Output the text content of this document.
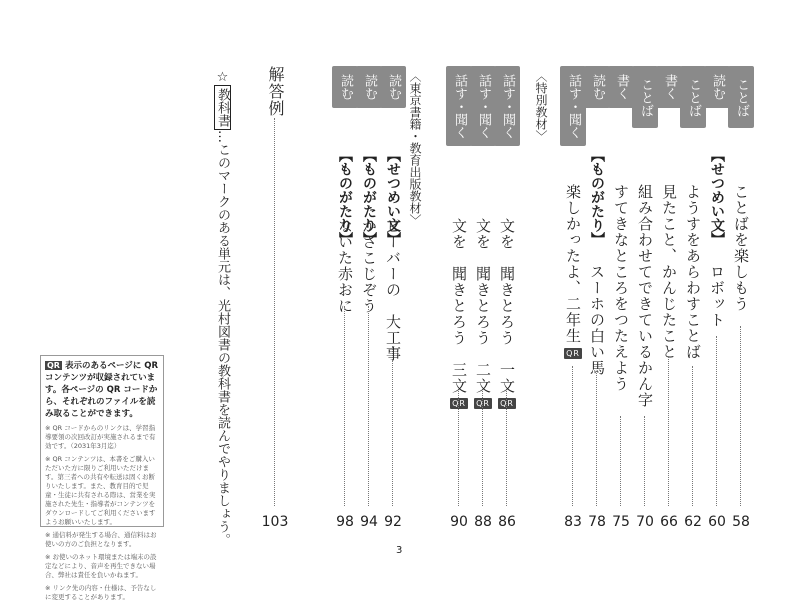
ことば
ことばを楽しもう
58
読む
【せつめい文】
ロボット
60
ことば
ようすをあらわすことば
62
書く
見たこと、かんじたこと
66
ことば
組み合わせてできているかん字
70
書く
すてきなところをつたえよう
75
読む
【ものがたり】
スーホの白い馬
78
話す・聞く
楽しかったよ、二年生QR
83
〈特別教材〉
話す・聞く
文を　聞きとろう　一文QR
86
話す・聞く
文を　聞きとろう　二文QR
88
話す・聞く
文を　聞きとろう　三文QR
90
〈東京書籍・教育出版教材〉
読む
【せつめい文】
ビーバーの　大工事
92
読む
【ものがたり】
かさこじぞう
94
読む
【ものがたり】
ないた赤おに
98
解答例
103
☆教科書…このマークのある単元は、光村図書の教科書を読んでやりましょう。
QR 表示のあるページに QR コンテンツが収録されています。各ページの QR コードから、それぞれのファイルを読み取ることができます。
※ QR コードからのリンクは、学習指導要領の次回改訂が実施されるまで有効です。（2031年3月迄）
※ QR コンテンツは、本書をご購入いただいた方に限りご利用いただけます。第三者への共有や転送は固くお断りいたします。また、教育目的で児童・生徒に共有される際は、営業を実施された先生・指導者がコンテンツをダウンロードしてご利用くださいますようお願いいたします。
※ 通信料が発生する場合、通信料はお使いの方のご負担となります。
※ お使いのネット環境または端末の設定などにより、音声を再生できない場合、弊社は責任を負いかねます。
※ リンク先の内容・仕様は、予告なしに変更することがあります。
3
